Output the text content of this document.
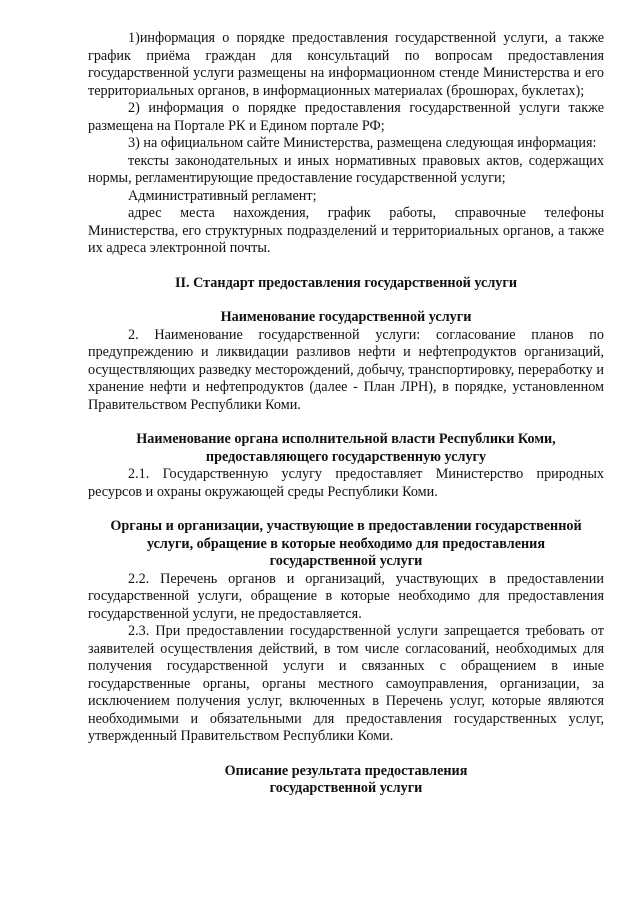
1)информация о порядке предоставления государственной услуги, а также график приёма граждан для консультаций по вопросам предоставления государственной услуги размещены на информационном стенде Министерства и его территориальных органов, в информационных материалах (брошюрах, буклетах);

2) информация о порядке предоставления государственной услуги также размещена на Портале РК и Едином портале РФ;

3) на официальном сайте Министерства, размещена следующая информация:

тексты законодательных и иных нормативных правовых актов, содержащих нормы, регламентирующие предоставление государственной услуги;

Административный регламент;

адрес места нахождения, график работы, справочные телефоны Министерства, его структурных подразделений и территориальных органов, а также их адреса электронной почты.

II. Стандарт предоставления государственной услуги

Наименование государственной услуги

2. Наименование государственной услуги: согласование планов по предупреждению и ликвидации разливов нефти и нефтепродуктов организаций, осуществляющих разведку месторождений, добычу, транспортировку, переработку и хранение нефти и нефтепродуктов (далее - План ЛРН), в порядке, установленном Правительством Республики Коми.

Наименование органа исполнительной власти Республики Коми,

предоставляющего государственную услугу

2.1. Государственную услугу предоставляет Министерство природных ресурсов и охраны окружающей среды Республики Коми.

Органы и организации, участвующие в предоставлении государственной

услуги, обращение в которые необходимо для предоставления

государственной услуги

2.2. Перечень органов и организаций, участвующих в предоставлении государственной услуги, обращение в которые необходимо для предоставления государственной услуги, не предоставляется.

2.3. При предоставлении государственной услуги запрещается требовать от заявителей осуществления действий, в том числе согласований, необходимых для получения государственной услуги и связанных с обращением в иные государственные органы, органы местного самоуправления, организации, за исключением получения услуг, включенных в Перечень услуг, которые являются необходимыми и обязательными для предоставления государственных услуг, утвержденный Правительством Республики Коми.

Описание результата предоставления

государственной услуги
